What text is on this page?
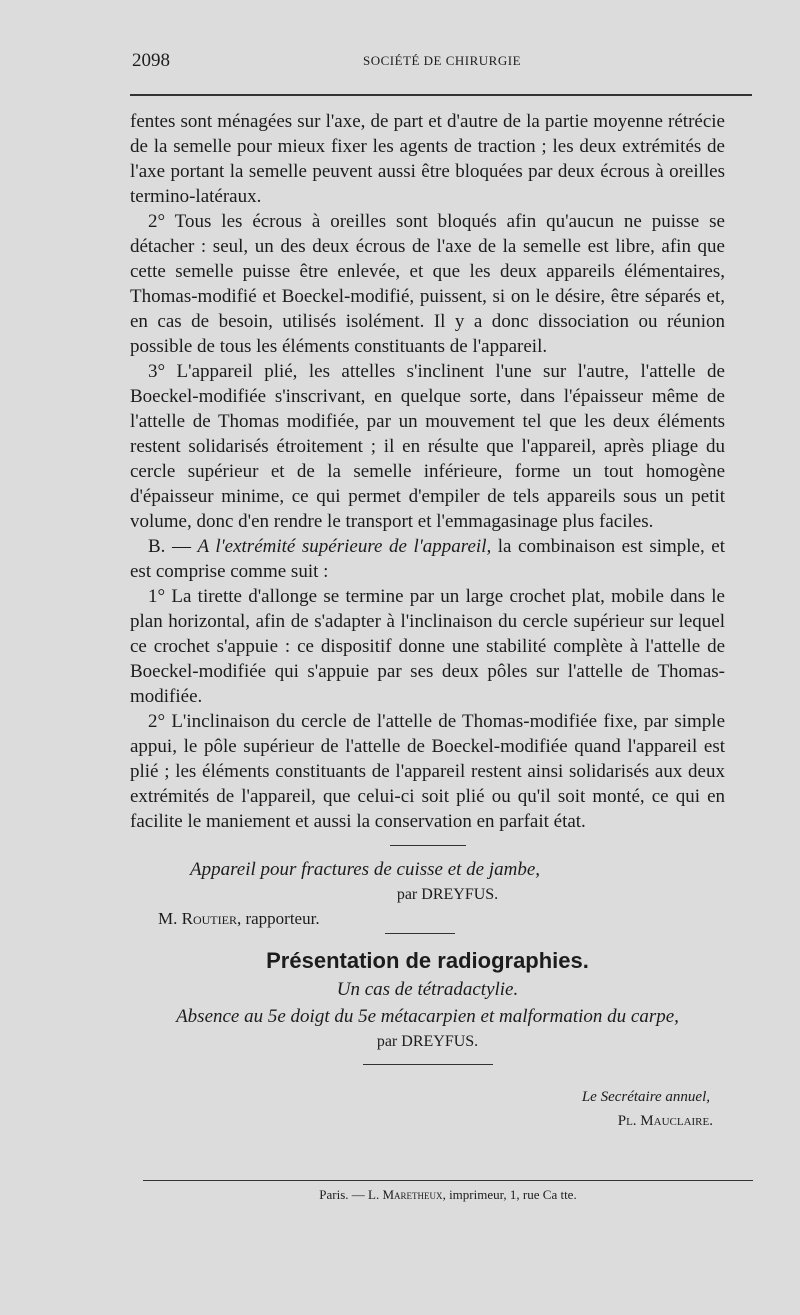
2098	SOCIÉTÉ DE CHIRURGIE

fentes sont ménagées sur l'axe, de part et d'autre de la partie moyenne rétrécie de la semelle pour mieux fixer les agents de traction ; les deux extrémités de l'axe portant la semelle peuvent aussi être bloquées par deux écrous à oreilles termino-latéraux.

2° Tous les écrous à oreilles sont bloqués afin qu'aucun ne puisse se détacher : seul, un des deux écrous de l'axe de la semelle est libre, afin que cette semelle puisse être enlevée, et que les deux appareils élémentaires, Thomas-modifié et Boeckel-modifié, puissent, si on le désire, être séparés et, en cas de besoin, utilisés isolément. Il y a donc dissociation ou réunion possible de tous les éléments constituants de l'appareil.

3° L'appareil plié, les attelles s'inclinent l'une sur l'autre, l'attelle de Boeckel-modifiée s'inscrivant, en quelque sorte, dans l'épaisseur même de l'attelle de Thomas modifiée, par un mouvement tel que les deux éléments restent solidarisés étroitement ; il en résulte que l'appareil, après pliage du cercle supérieur et de la semelle inférieure, forme un tout homogène d'épaisseur minime, ce qui permet d'empiler de tels appareils sous un petit volume, donc d'en rendre le transport et l'emmagasinage plus faciles.

B. — A l'extrémité supérieure de l'appareil, la combinaison est simple, et est comprise comme suit :

1° La tirette d'allonge se termine par un large crochet plat, mobile dans le plan horizontal, afin de s'adapter à l'inclinaison du cercle supérieur sur lequel ce crochet s'appuie : ce dispositif donne une stabilité complète à l'attelle de Boeckel-modifiée qui s'appuie par ses deux pôles sur l'attelle de Thomas-modifiée.

2° L'inclinaison du cercle de l'attelle de Thomas-modifiée fixe, par simple appui, le pôle supérieur de l'attelle de Boeckel-modifiée quand l'appareil est plié ; les éléments constituants de l'appareil restent ainsi solidarisés aux deux extrémités de l'appareil, que celui-ci soit plié ou qu'il soit monté, ce qui en facilite le maniement et aussi la conservation en parfait état.

Appareil pour fractures de cuisse et de jambe,
par DREYFUS.
M. Routier, rapporteur.
Présentation de radiographies.
Un cas de tétradactylie.
Absence au 5e doigt du 5e métacarpien et malformation du carpe,
par DREYFUS.
Le Secrétaire annuel,
Pl. Mauclaire.
Paris. — L. Maretheux, imprimeur, 1, rue Ca tte.
